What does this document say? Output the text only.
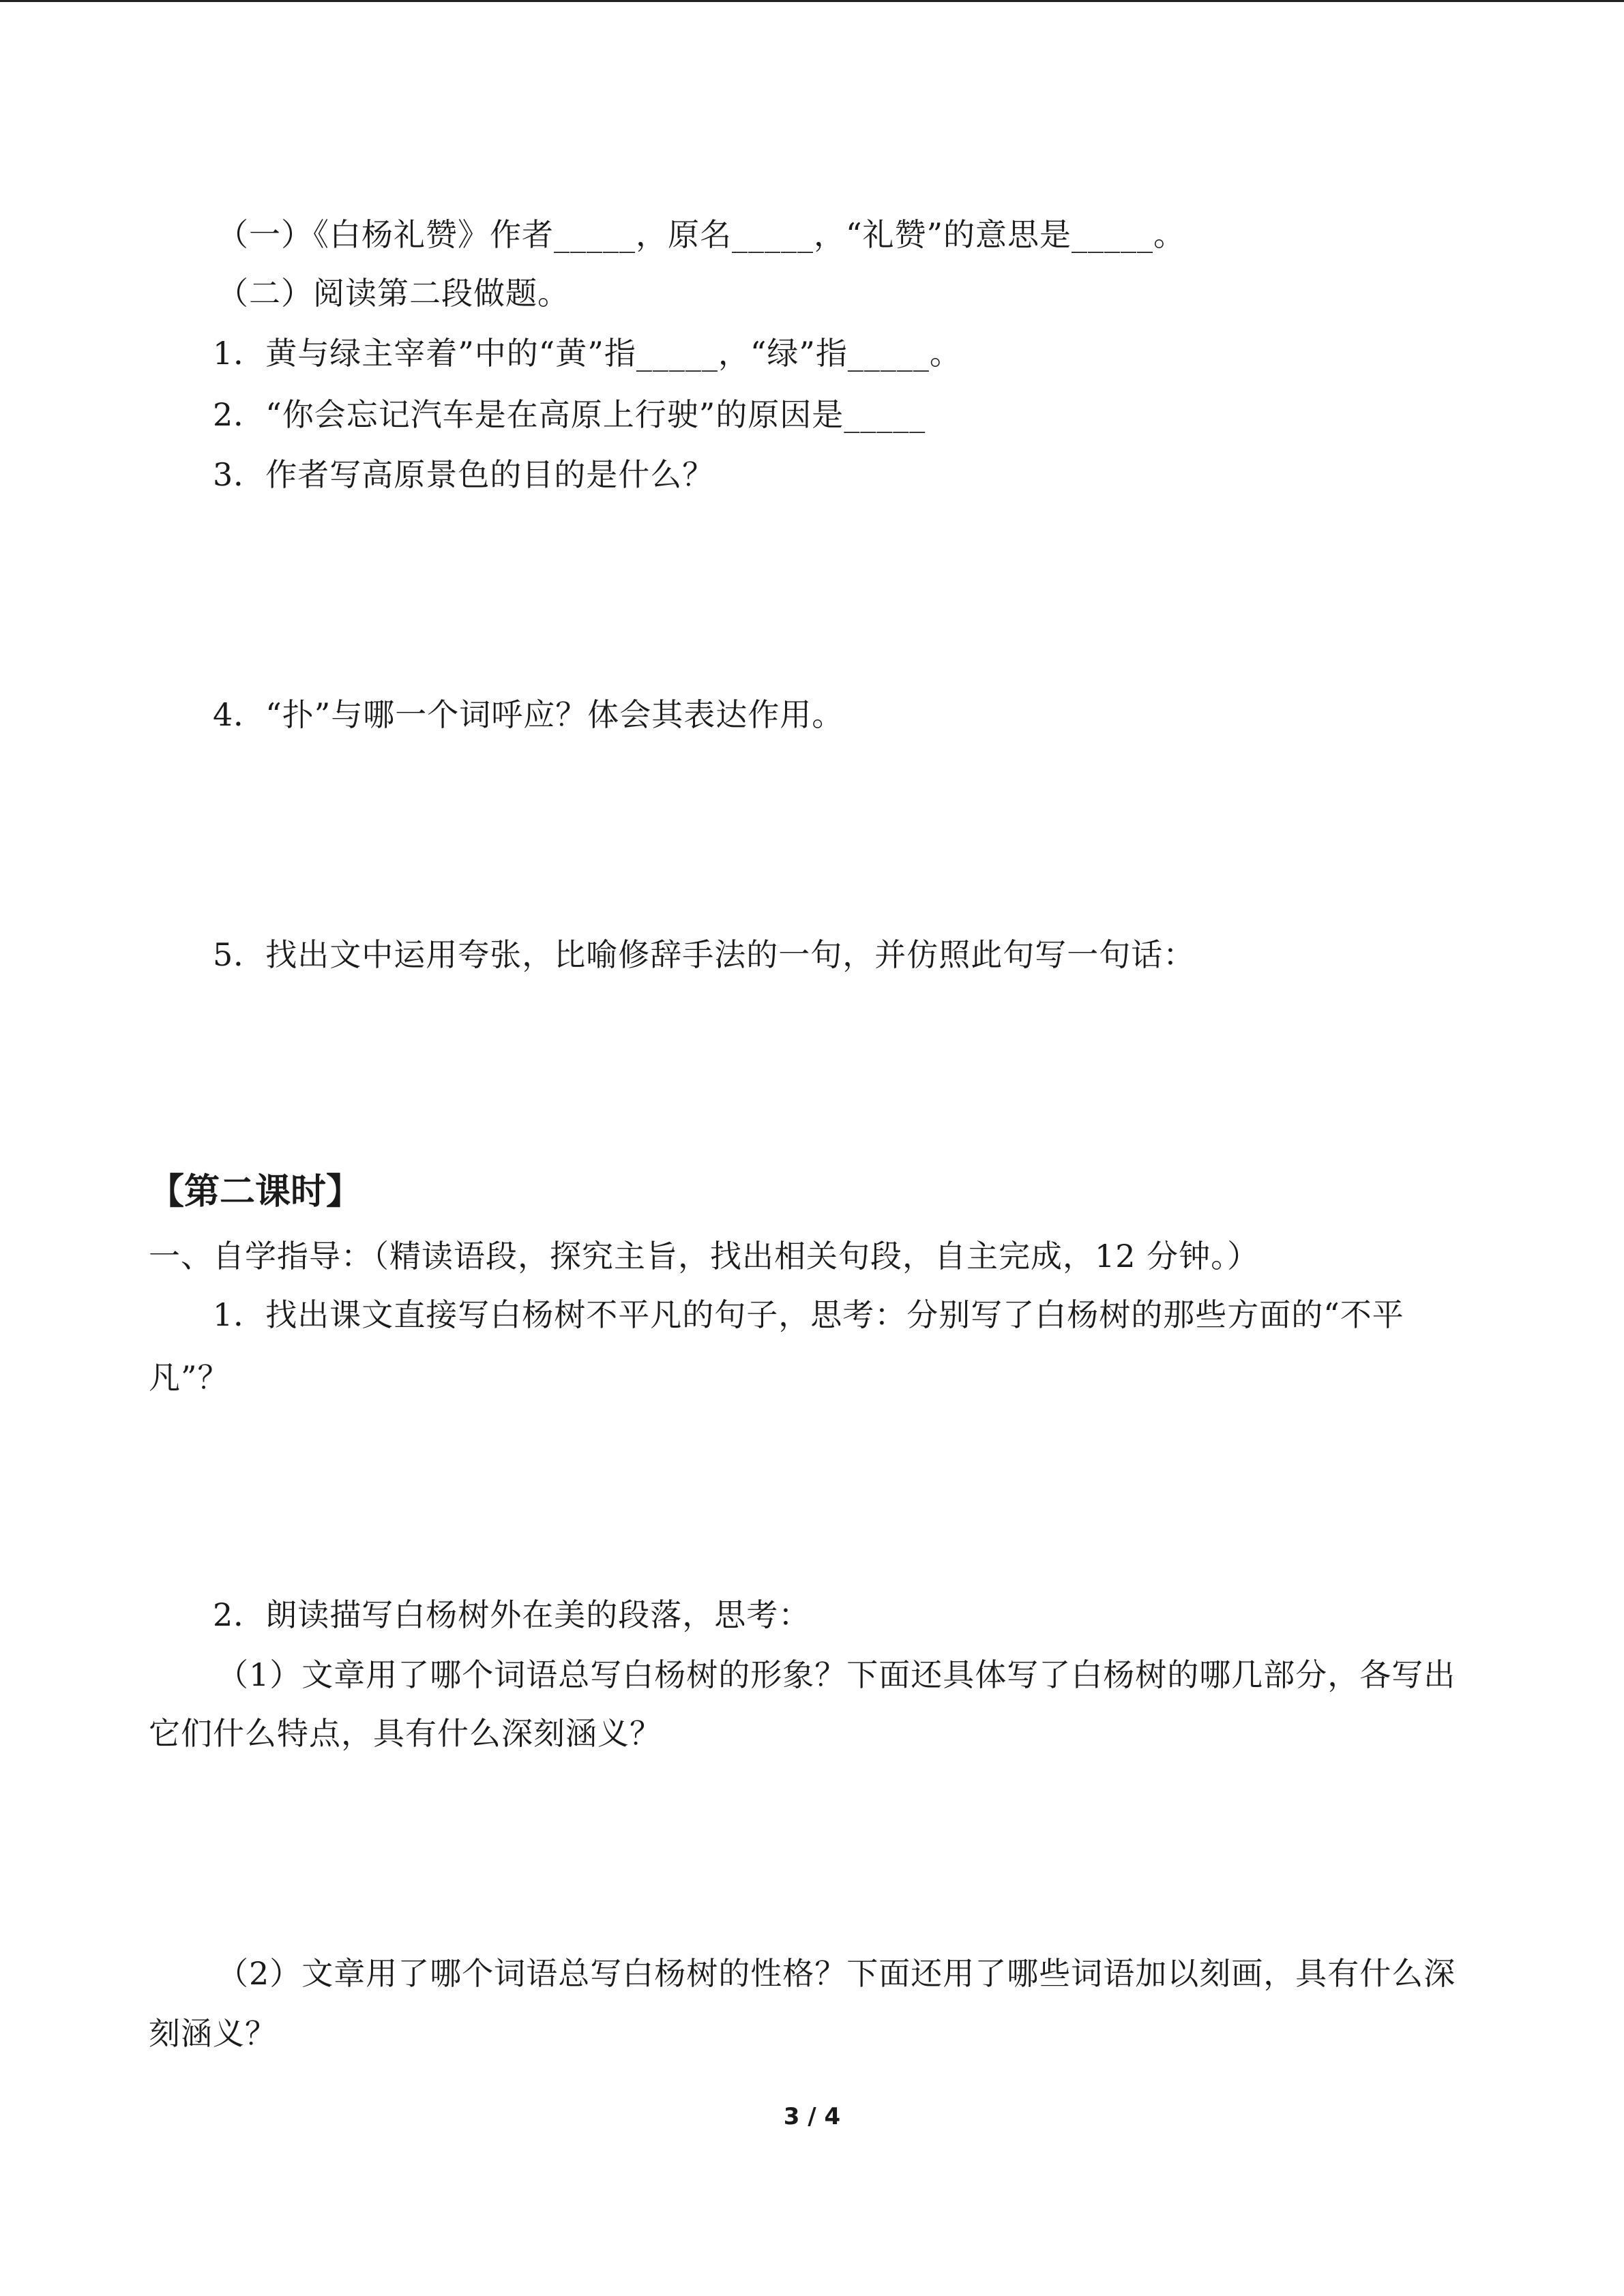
（一）《白杨礼赞》作者_____，原名_____，“礼赞”的意思是_____。
（二）阅读第二段做题。
1．黄与绿主宰着”中的“黄”指_____，“绿”指_____。
2．“你会忘记汽车是在高原上行驶”的原因是_____
3．作者写高原景色的目的是什么？
4．“扑”与哪一个词呼应？体会其表达作用。
5．找出文中运用夸张，比喻修辞手法的一句，并仿照此句写一句话：
【第二课时】
一、自学指导：（精读语段，探究主旨，找出相关句段，自主完成，12 分钟。）
1．找出课文直接写白杨树不平凡的句子，思考：分别写了白杨树的那些方面的“不平
凡”？
2．朗读描写白杨树外在美的段落，思考：
（1）文章用了哪个词语总写白杨树的形象？下面还具体写了白杨树的哪几部分，各写出
它们什么特点，具有什么深刻涵义？
（2）文章用了哪个词语总写白杨树的性格？下面还用了哪些词语加以刻画，具有什么深
刻涵义？
3 / 4
